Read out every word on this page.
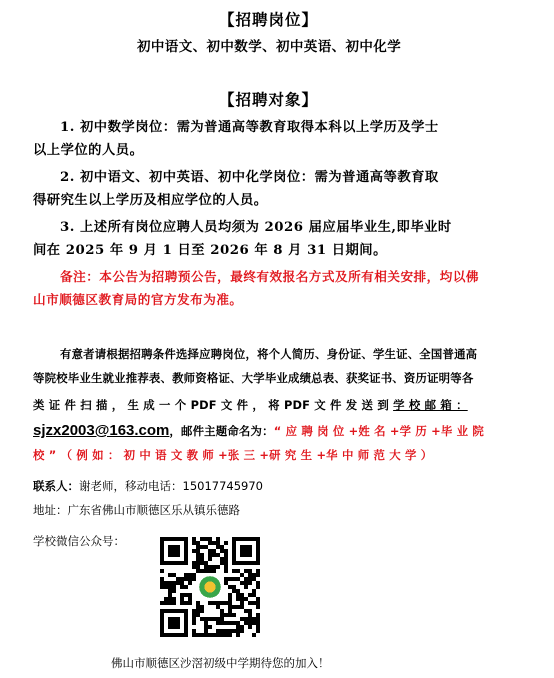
【招聘岗位】
初中语文、初中数学、初中英语、初中化学
【招聘对象】
1. 初中数学岗位：需为普通高等教育取得本科以上学历及学士
以上学位的人员。
2. 初中语文、初中英语、初中化学岗位：需为普通高等教育取
得研究生以上学历及相应学位的人员。
3. 上述所有岗位应聘人员均须为 2026 届应届毕业生,即毕业时
间在 2025 年 9 月 1 日至 2026 年 8 月 31 日期间。
备注：本公告为招聘预公告，最终有效报名方式及所有相关安排，均以佛
山市顺德区教育局的官方发布为准。
有意者请根据招聘条件选择应聘岗位，将个人简历、身份证、学生证、全国普通高
等院校毕业生就业推荐表、教师资格证、大学毕业成绩总表、获奖证书、资历证明等各
类 证 件 扫 描 ， 生 成 一 个 PDF 文 件 ， 将 PDF 文 件 发 送 到 学 校 邮 箱 ：
sjzx2003@163.com，邮件主题命名为：“ 应 聘 岗 位 +姓 名 +学 历 +毕 业 院
校 ” （ 例 如 ： 初 中 语 文 教 师 +张 三 +研 究 生 +华 中 师 范 大 学 ）
联系人：谢老师，移动电话：15017745970
地址：广东省佛山市顺德区乐从镇乐德路
学校微信公众号：
佛山市顺德区沙滘初级中学期待您的加入！
